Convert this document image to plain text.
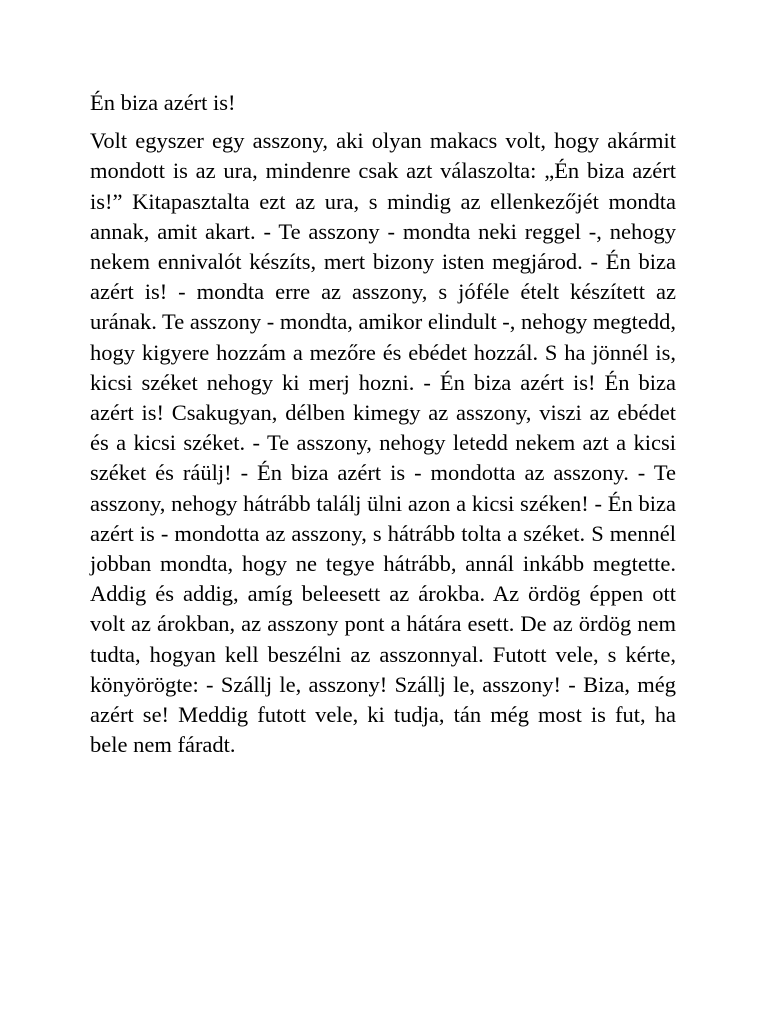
Én biza azért is!

Volt egyszer egy asszony, aki olyan makacs volt, hogy akármit mondott is az ura, mindenre csak azt válaszolta: „Én biza azért is!” Kitapasztalta ezt az ura, s mindig az ellenkezőjét mondta annak, amit akart. - Te asszony - mondta neki reggel -, nehogy nekem ennivalót készíts, mert bizony isten megjárod. - Én biza azért is! - mondta erre az asszony, s jóféle ételt készített az urának. Te asszony - mondta, amikor elindult -, nehogy megtedd, hogy kigyere hozzám a mezőre és ebédet hozzál. S ha jönnél is, kicsi széket nehogy ki merj hozni. - Én biza azért is! Én biza azért is! Csakugyan, délben kimegy az asszony, viszi az ebédet és a kicsi széket. - Te asszony, nehogy letedd nekem azt a kicsi széket és ráülj! - Én biza azért is - mondotta az asszony. - Te asszony, nehogy hátrább találj ülni azon a kicsi széken! - Én biza azért is - mondotta az asszony, s hátrább tolta a széket. S mennél jobban mondta, hogy ne tegye hátrább, annál inkább megtette. Addig és addig, amíg beleesett az árokba. Az ördög éppen ott volt az árokban, az asszony pont a hátára esett. De az ördög nem tudta, hogyan kell beszélni az asszonnyal. Futott vele, s kérte, könyörögte: - Szállj le, asszony! Szállj le, asszony! - Biza, még azért se! Meddig futott vele, ki tudja, tán még most is fut, ha bele nem fáradt.
